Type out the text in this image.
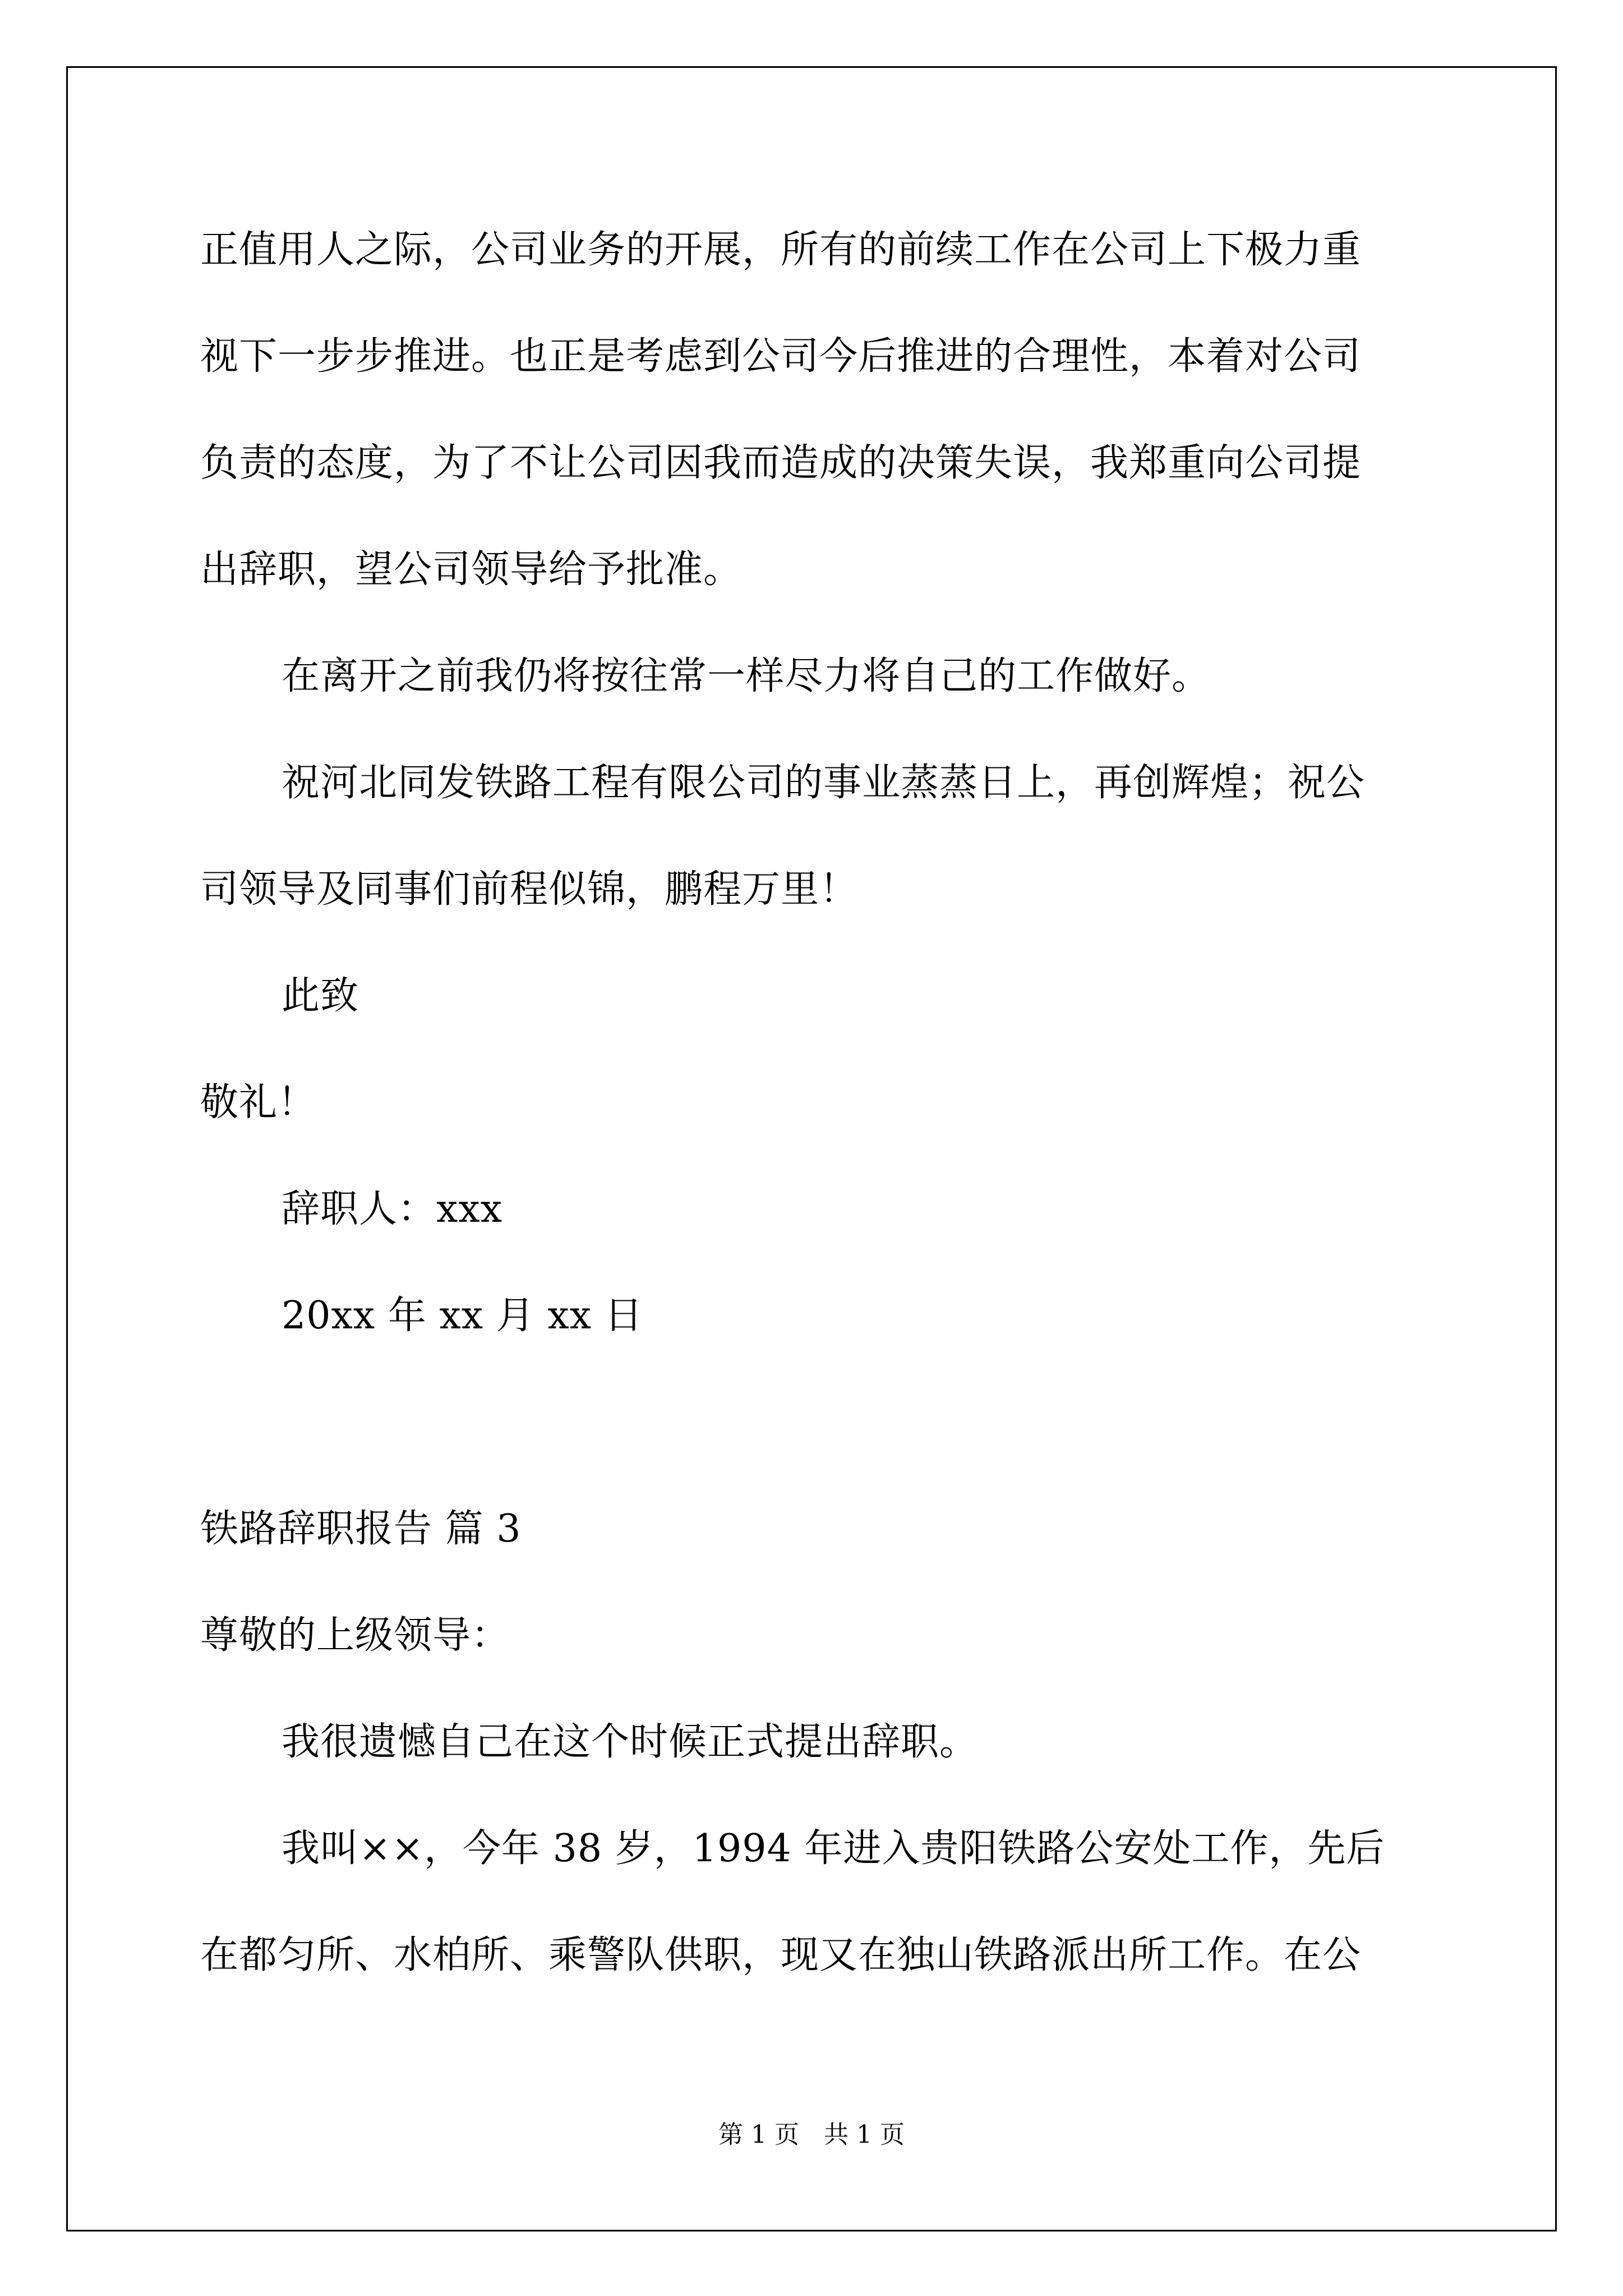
正值用人之际，公司业务的开展，所有的前续工作在公司上下极力重
视下一步步推进。也正是考虑到公司今后推进的合理性，本着对公司
负责的态度，为了不让公司因我而造成的决策失误，我郑重向公司提
出辞职，望公司领导给予批准。
在离开之前我仍将按往常一样尽力将自己的工作做好。
祝河北同发铁路工程有限公司的事业蒸蒸日上，再创辉煌；祝公
司领导及同事们前程似锦，鹏程万里！
此致
敬礼！
辞职人：xxx
20xx 年 xx 月 xx 日
铁路辞职报告 篇 3
尊敬的上级领导：
我很遗憾自己在这个时候正式提出辞职。
我叫××，今年 38 岁，1994 年进入贵阳铁路公安处工作，先后
在都匀所、水柏所、乘警队供职，现又在独山铁路派出所工作。在公
第 1 页　共 1 页
